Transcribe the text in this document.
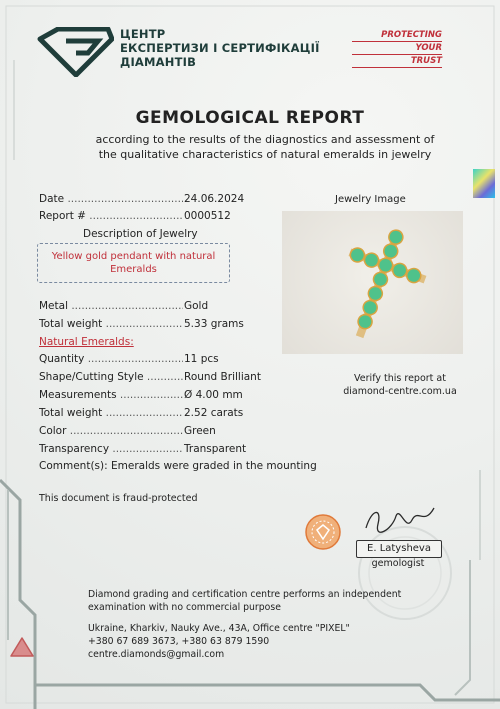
ЦЕНТР
ЕКСПЕРТИЗИ І СЕРТИФІКАЦІЇ
ДІАМАНТІВ
PROTECTING
YOUR
TRUST
GEMOLOGICAL REPORT
according to the results of the diagnostics and assessment of the qualitative characteristics of natural emeralds in jewelry
Date .....	24.06.2024
Report # .....	0000512
Description of Jewelry
Yellow gold pendant with natural Emeralds
Metal .....	Gold
Total weight .....	5.33 grams
Natural Emeralds:
Quantity .....	11 pcs
Shape/Cutting Style .....	Round Brilliant
Measurements .....	Ø 4.00 mm
Total weight .....	2.52 carats
Color .....	Green
Transparency .....	Transparent
Comment(s): Emeralds were graded in the mounting
Jewelry Image
Verify this report at
diamond-centre.com.ua
This document is fraud-protected
E. Latysheva
gemologist

Diamond grading and certification centre performs an independent
examination with no commercial purpose

Ukraine, Kharkiv, Nauky Ave., 43A, Office centre "PIXEL"
+380 67 689 3673, +380 63 879 1590
centre.diamonds@gmail.com
